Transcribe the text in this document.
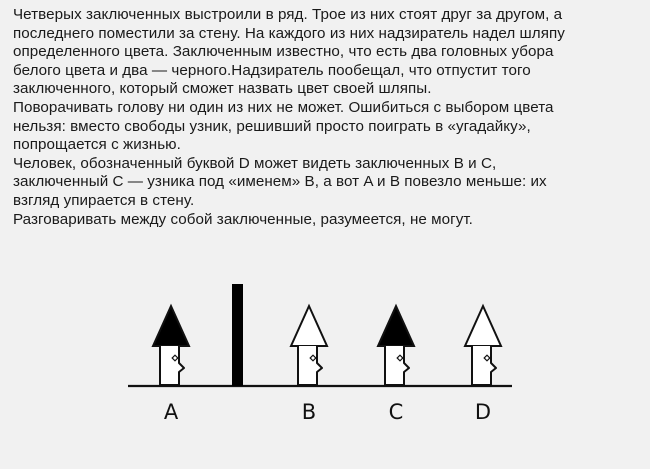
Четверых заключенных выстроили в ряд. Трое из них стоят друг за другом, а
последнего поместили за стену. На каждого из них надзиратель надел шляпу
определенного цвета. Заключенным известно, что есть два головных убора
белого цвета и два — черного.Надзиратель пообещал, что отпустит того
заключенного, который сможет назвать цвет своей шляпы.
Поворачивать голову ни один из них не может. Ошибиться с выбором цвета
нельзя: вместо свободы узник, решивший просто поиграть в «угадайку»,
попрощается с жизнью.
Человек, обозначенный буквой D может видеть заключенных B и C,
заключенный С — узника под «именем» B, а вот A и B повезло меньше: их
взгляд упирается в стену.
Разговаривать между собой заключенные, разумеется, не могут.
A	B	C	D
